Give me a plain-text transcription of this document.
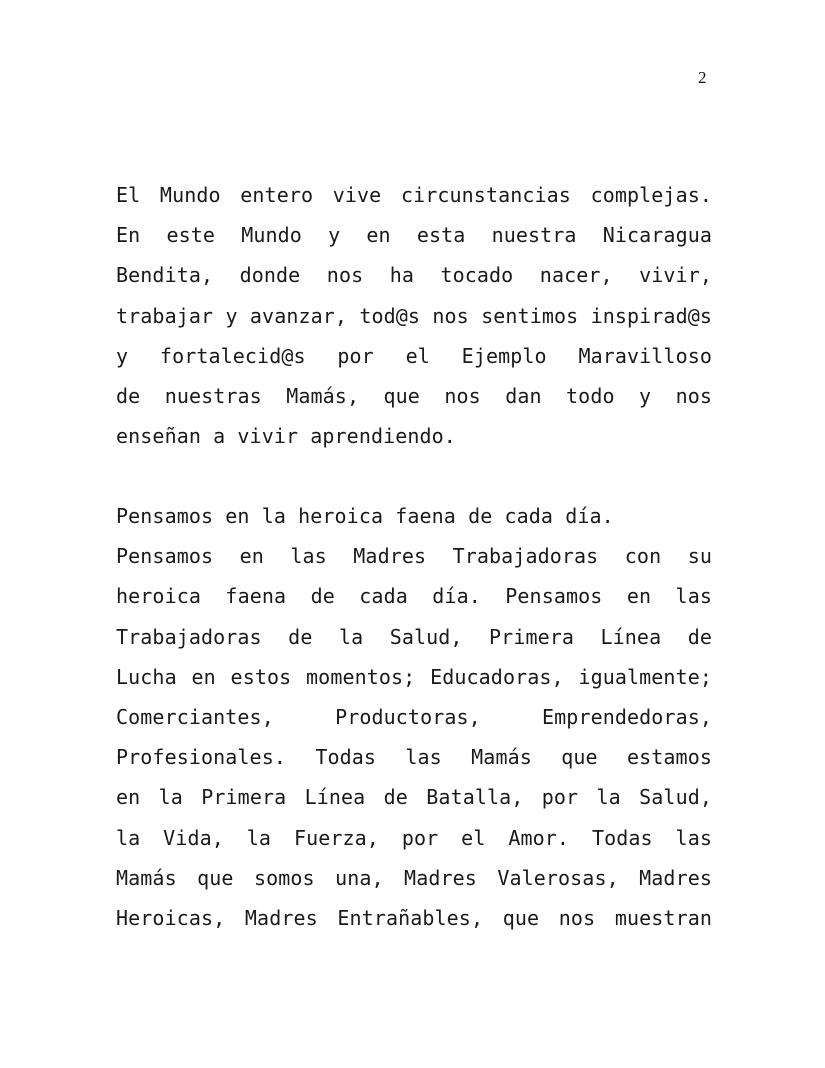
2

El Mundo entero vive circunstancias complejas.
En este Mundo y en esta nuestra Nicaragua
Bendita, donde nos ha tocado nacer, vivir,
trabajar y avanzar, tod@s nos sentimos inspirad@s
y fortalecid@s por el Ejemplo Maravilloso
de nuestras Mamás, que nos dan todo y nos
enseñan a vivir aprendiendo.

Pensamos en la heroica faena de cada día.
Pensamos en las Madres Trabajadoras con su
heroica faena de cada día. Pensamos en las
Trabajadoras de la Salud, Primera Línea de
Lucha en estos momentos; Educadoras, igualmente;
Comerciantes, Productoras, Emprendedoras,
Profesionales. Todas las Mamás que estamos
en la Primera Línea de Batalla, por la Salud,
la Vida, la Fuerza, por el Amor. Todas las
Mamás que somos una, Madres Valerosas, Madres
Heroicas, Madres Entrañables, que nos muestran
